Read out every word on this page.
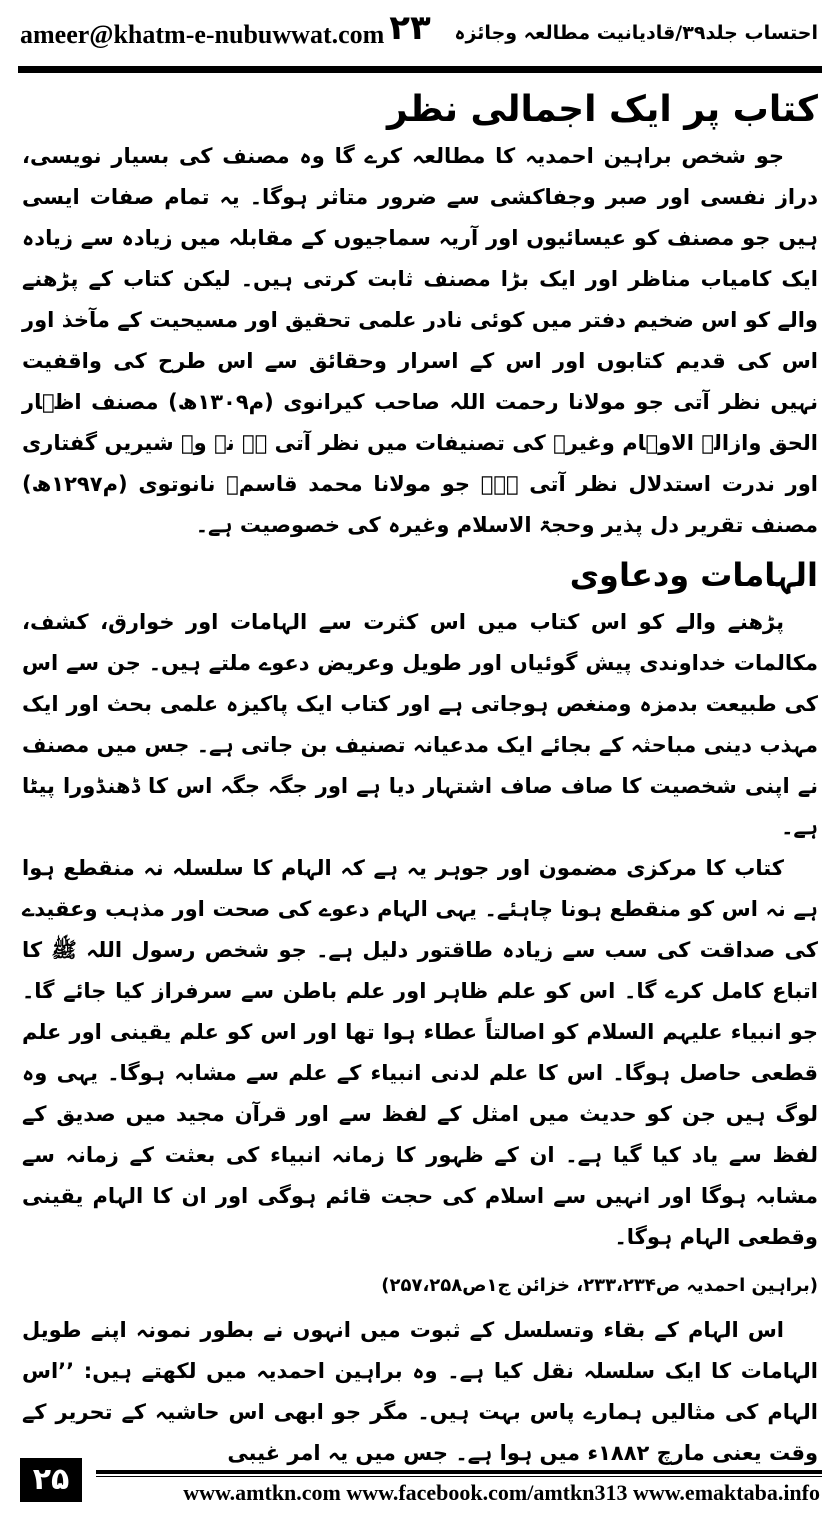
ameer@khatm-e-nubuwwat.com ۲۳	احتساب جلد۳۹/قادیانیت مطالعہ وجائزہ
کتاب پر ایک اجمالی نظر

جو شخص براہین احمدیہ کا مطالعہ کرے گا وہ مصنف کی بسیار نویسی، دراز نفسی اور صبر وجفاکشی سے ضرور متاثر ہوگا۔ یہ تمام صفات ایسی ہیں جو مصنف کو عیسائیوں اور آریہ سماجیوں کے مقابلہ میں زیادہ سے زیادہ ایک کامیاب مناظر اور ایک بڑا مصنف ثابت کرتی ہیں۔ لیکن کتاب کے پڑھنے والے کو اس ضخیم دفتر میں کوئی نادر علمی تحقیق اور مسیحیت کے مآخذ اور اس کی قدیم کتابوں اور اس کے اسرار وحقائق سے اس طرح کی واقفیت نہیں نظر آتی جو مولانا رحمت اللہ صاحب کیرانوی (م۱۳۰۹ھ) مصنف اظہار الحق وازالۃ الاوہام وغیرہ کی تصنیفات میں نظر آتی ہے نہ وہ شیریں گفتاری اور ندرت استدلال نظر آتی ہے۔ جو مولانا محمد قاسمؒ نانوتوی (م۱۲۹۷ھ) مصنف تقریر دل پذیر وحجۃ الاسلام وغیرہ کی خصوصیت ہے۔

الہامات ودعاوی

پڑھنے والے کو اس کتاب میں اس کثرت سے الہامات اور خوارق، کشف، مکالمات خداوندی پیش گوئیاں اور طویل وعریض دعوے ملتے ہیں۔ جن سے اس کی طبیعت بدمزہ ومنغص ہوجاتی ہے اور کتاب ایک پاکیزہ علمی بحث اور ایک مہذب دینی مباحثہ کے بجائے ایک مدعیانہ تصنیف بن جاتی ہے۔ جس میں مصنف نے اپنی شخصیت کا صاف صاف اشتہار دیا ہے اور جگہ جگہ اس کا ڈھنڈورا پیٹا ہے۔

کتاب کا مرکزی مضمون اور جوہر یہ ہے کہ الہام کا سلسلہ نہ منقطع ہوا ہے نہ اس کو منقطع ہونا چاہئے۔ یہی الہام دعوے کی صحت اور مذہب وعقیدے کی صداقت کی سب سے زیادہ طاقتور دلیل ہے۔ جو شخص رسول اللہ ﷺ کا اتباع کامل کرے گا۔ اس کو علم ظاہر اور علم باطن سے سرفراز کیا جائے گا۔ جو انبیاء علیہم السلام کو اصالتاً عطاء ہوا تھا اور اس کو علم یقینی اور علم قطعی حاصل ہوگا۔ اس کا علم لدنی انبیاء کے علم سے مشابہ ہوگا۔ یہی وہ لوگ ہیں جن کو حدیث میں امثل کے لفظ سے اور قرآن مجید میں صدیق کے لفظ سے یاد کیا گیا ہے۔ ان کے ظہور کا زمانہ انبیاء کی بعثت کے زمانہ سے مشابہ ہوگا اور انہیں سے اسلام کی حجت قائم ہوگی اور ان کا الہام یقینی وقطعی الہام ہوگا۔

(براہین احمدیہ ص۲۳۳،۲۳۴، خزائن ج۱ص۲۵۷،۲۵۸)

اس الہام کے بقاء وتسلسل کے ثبوت میں انہوں نے بطور نمونہ اپنے طویل الہامات کا ایک سلسلہ نقل کیا ہے۔ وہ براہین احمدیہ میں لکھتے ہیں: ’’اس الہام کی مثالیں ہمارے پاس بہت ہیں۔ مگر جو ابھی اس حاشیہ کے تحریر کے وقت یعنی مارچ ۱۸۸۲ء میں ہوا ہے۔ جس میں یہ امر غیبی

۲۵	www.amtkn.com www.facebook.com/amtkn313 www.emaktaba.info
